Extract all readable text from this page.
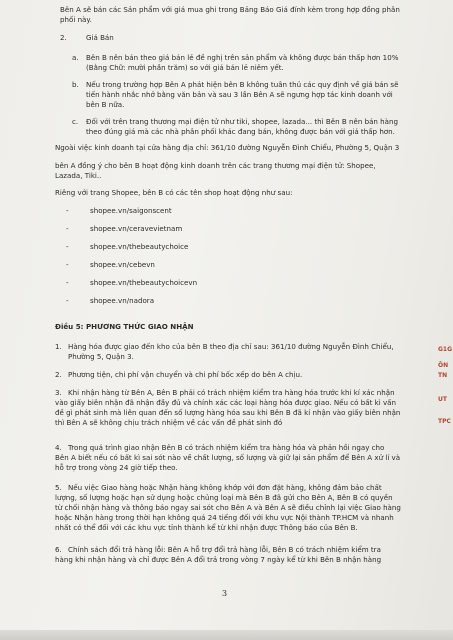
Bên A sẽ bán các Sản phẩm với giá mua ghi trong Bảng Báo Giá đính kèm trong hợp đồng phân
phối này.
2.	Giá Bán
a. Bên B nên bán theo giá bán lẻ đề nghị trên sản phẩm và không được bán thấp hơn 10%
(Bằng Chữ: mười phần trăm) so với giá bán lẻ niêm yết.
b. Nếu trong trường hợp Bên A phát hiện bên B không tuân thủ các quy định về giá bán sẽ
tiến hành nhắc nhở bằng văn bản và sau 3 lần Bên A sẽ ngưng hợp tác kinh doanh với
bên B nữa.
c. Đối với trên trang thương mại điện tử như tiki, shopee, lazada... thì Bên B nên bán hàng
theo đúng giá mà các nhà phân phối khác đang bán, không được bán với giá thấp hơn.
Ngoài việc kinh doanh tại cửa hàng địa chỉ: 361/10 đường Nguyễn Đình Chiểu, Phường 5, Quận 3
bên A đồng ý cho bên B hoạt động kinh doanh trên các trang thương mại điện tử: Shopee,
Lazada, Tiki..
Riêng với trang Shopee, bên B có các tên shop hoạt động như sau:
-	shopee.vn/saigonscent
-	shopee.vn/ceravevietnam
-	shopee.vn/thebeautychoice
-	shopee.vn/cebevn
-	shopee.vn/thebeautychoicevn
-	shopee.vn/nadora
Điều 5: PHƯƠNG THỨC GIAO NHẬN
1. Hàng hóa được giao đến kho của bên B theo địa chỉ sau: 361/10 đường Nguyễn Đình Chiểu,
Phường 5, Quận 3.
2. Phương tiện, chi phí vận chuyển và chi phí bốc xếp do bên A chịu.
3. Khi nhận hàng từ Bên A, Bên B phải có trách nhiệm kiểm tra hàng hóa trước khi kí xác nhận
vào giấy biên nhận đã nhận đầy đủ và chính xác các loại hàng hóa được giao. Nếu có bất kì vấn
đề gì phát sinh mà liên quan đến số lượng hàng hóa sau khi Bên B đã kí nhận vào giấy biên nhận
thì Bên A sẽ không chịu trách nhiệm về các vấn đề phát sinh đó
4. Trong quá trình giao nhận Bên B có trách nhiệm kiểm tra hàng hóa và phản hồi ngay cho
Bên A biết nếu có bất kì sai sót nào về chất lượng, số lượng và giữ lại sản phẩm để Bên A xử lí và
hỗ trợ trong vòng 24 giờ tiếp theo.
5. Nếu việc Giao hàng hoặc Nhận hàng không khớp với đơn đặt hàng, không đảm bảo chất
lượng, số lượng hoặc hạn sử dụng hoặc chủng loại mà Bên B đã gửi cho Bên A, Bên B có quyền
từ chối nhận hàng và thông báo ngay sai sót cho Bên A và Bên A sẽ điều chỉnh lại việc Giao hàng
hoặc Nhận hàng trong thời hạn không quá 24 tiếng đối với khu vực Nội thành TP.HCM và nhanh
nhất có thể đối với các khu vực tỉnh thành kể từ khi nhận được Thông báo của Bên B.
6. Chính sách đổi trả hàng lỗi: Bên A hỗ trợ đổi trả hàng lỗi, Bên B có trách nhiệm kiểm tra
hàng khi nhận hàng và chỉ được Bên A đổi trả trong vòng 7 ngày kể từ khi Bên B nhận hàng
G1G
ÔN
TN
UT
TPC
3
